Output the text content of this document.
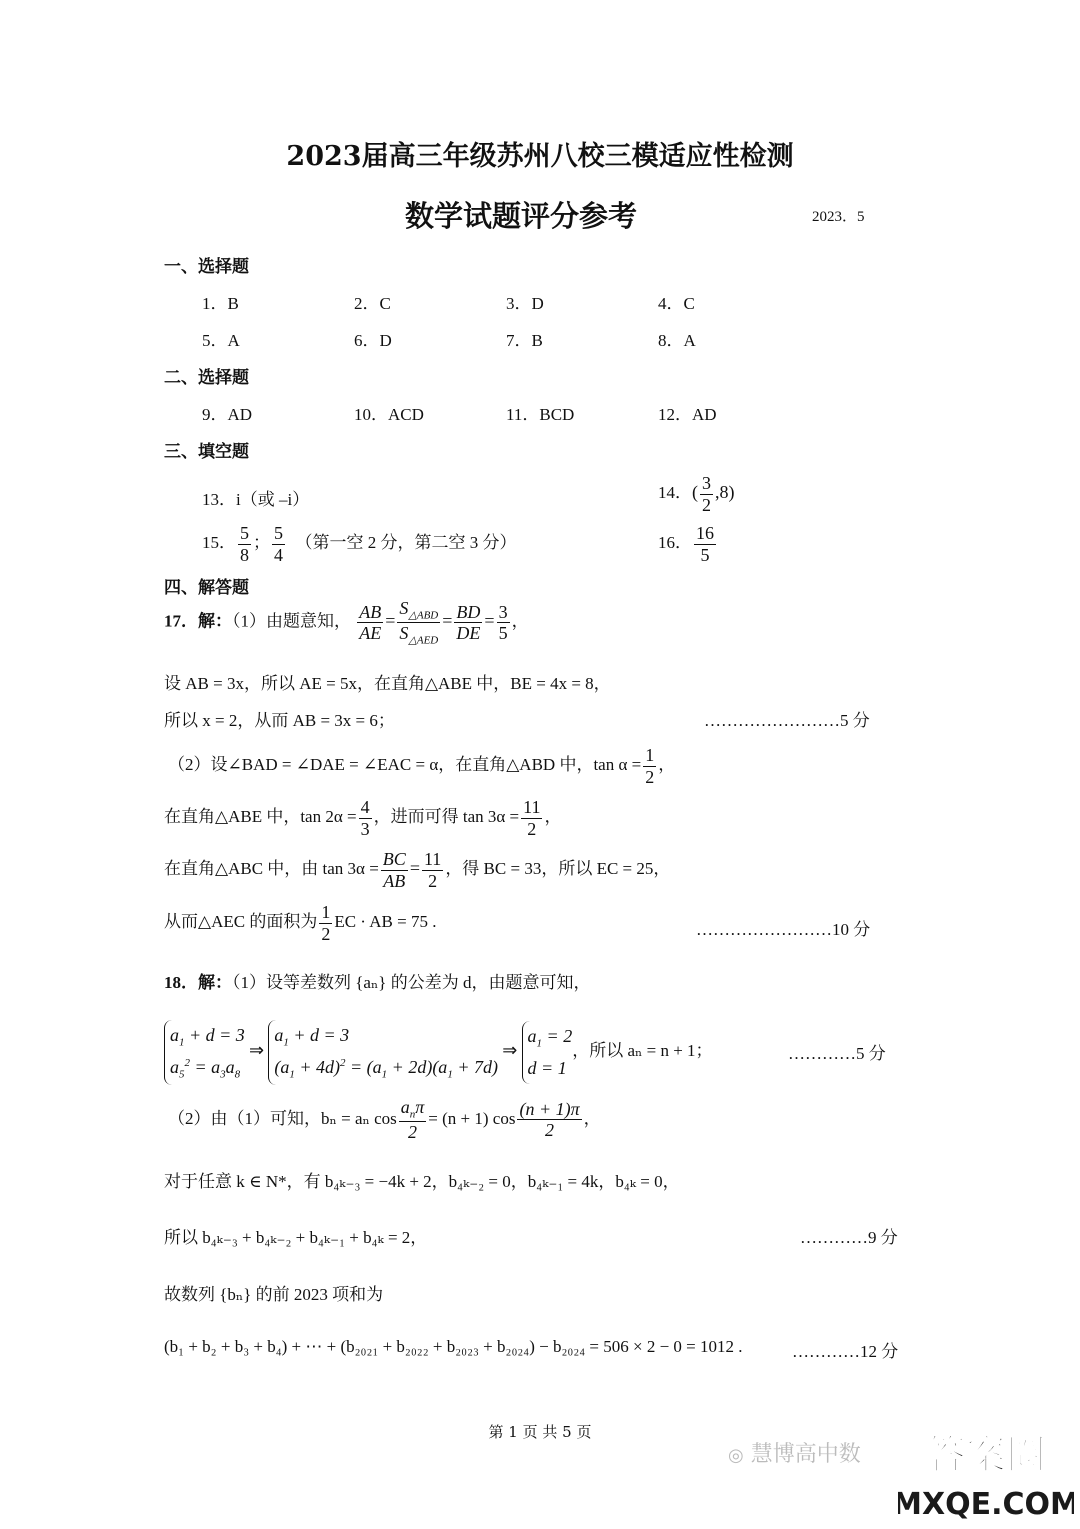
2023届高三年级苏州八校三模适应性检测
数学试题评分参考	2023．5
一、选择题
1．B	2．C	3．D	4．C
5．A	6．D	7．B	8．A
二、选择题
9．AD	10．ACD	11．BCD	12．AD
三、填空题
13．i（或 –i）	14．( $\frac{3}{2} ,8$)
15． $\frac{5}{8}$ ； $\frac{5}{4}$ （第一空 2 分，第二空 3 分）	16． $\frac{16}{5}$
四、解答题
17．解：（1）由题意知， $\frac{AB}{AE} = \frac{S_{\triangle ABD}}{S_{\triangle AED}} = \frac{BD}{DE} = \frac{3}{5}$ ，
设 AB = 3x，所以 AE = 5x，在直角△ABE 中，BE = 4x = 8，
所以 x = 2，从而 AB = 3x = 6；	……………………5 分
（2）设∠BAD = ∠DAE = ∠EAC = α，在直角△ABD 中，$\tan \alpha = \frac{1}{2}$ ，
在直角△ABE 中，$\tan 2\alpha = \frac{4}{3}$ ，进而可得 $\tan 3\alpha = \frac{11}{2}$ ，
在直角△ABC 中，由 $\tan 3\alpha = \frac{BC}{AB} = \frac{11}{2}$ ，得 BC = 33，所以 EC = 25，
从而△AEC 的面积为 $\frac{1}{2}$ EC · AB = 75 .	……………………10 分
18．解：（1）设等差数列 {aₙ} 的公差为 d，由题意可知，
$a_1 + d = 3$
$a_5^2 = a_3a_8$
⇒
$a_1 + d = 3$
$(a_1 + 4d)^2 = (a_1 + 2d)(a_1 + 7d)$
⇒
$a_1 = 2$
d = 1
，所以 aₙ = n + 1；	…………5 分
（2）由（1）可知，bₙ = aₙ $\cos \frac{a_n\pi}{2} = (n + 1)$ $\cos \frac{(n + 1)\pi}{2}$ ，
对于任意 k ∈ N*，有 b₄ₖ₋₃ = −4k + 2，b₄ₖ₋₂ = 0，b₄ₖ₋₁ = 4k，b₄ₖ = 0，
所以 b₄ₖ₋₃ + b₄ₖ₋₂ + b₄ₖ₋₁ + b₄ₖ = 2，	…………9 分
故数列 {bₙ} 的前 2023 项和为
(b₁ + b₂ + b₃ + b₄) + ⋯ + (b₂₀₂₁ + b₂₀₂₂ + b₂₀₂₃ + b₂₀₂₄) − b₂₀₂₄ = 506 × 2 − 0 = 1012 .	…………12 分
第 1 页 共 5 页
◎ 慧博高中数 答案圈
MXQE.COM
